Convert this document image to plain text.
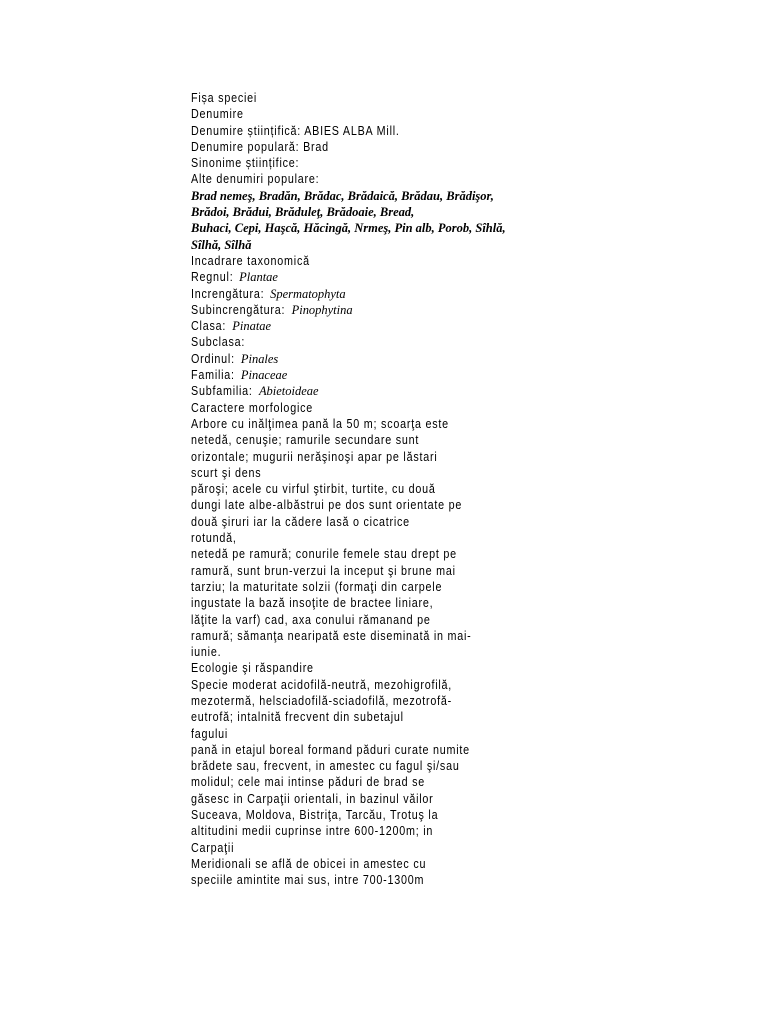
Fișa speciei
Denumire
Denumire științifică: ABIES ALBA Mill.
Denumire populară: Brad
Sinonime științifice:
Alte denumiri populare:
Brad nemeş, Bradăn, Brădac, Brădaică, Brădau, Brădişor,
Brădoi, Brădui, Brăduleţ, Brădoaie, Bread,
Buhaci, Cepi, Haşcă, Hăcingă, Nrmeş, Pin alb, Porob, Sîhlă,
Sîlhă, Sîlhă
Incadrare taxonomică
Regnul: Plantae
Increngătura: Spermatophyta
Subincrengătura: Pinophytina
Clasa: Pinatae
Subclasa:
Ordinul: Pinales
Familia: Pinaceae
Subfamilia: Abietoideae
Caractere morfologice
Arbore cu inălţimea pană la 50 m; scoarţa este
netedă, cenuşie; ramurile secundare sunt
orizontale; mugurii nerăşinoşi apar pe lăstari
scurt şi dens
păroşi; acele cu virful ştirbit, turtite, cu două
dungi late albe-albăstrui pe dos sunt orientate pe
două şiruri iar la cădere lasă o cicatrice
rotundă,
netedă pe ramură; conurile femele stau drept pe
ramură, sunt brun-verzui la inceput şi brune mai
tarziu; la maturitate solzii (formaţi din carpele
ingustate la bază insoţite de bractee liniare,
lăţite la varf) cad, axa conului rămanand pe
ramură; sămanţa nearipată este diseminată in mai-
iunie.
Ecologie şi răspandire
Specie moderat acidofilă-neutră, mezohigrofilă,
mezotermă, helsciadofilă-sciadofilă, mezotrofă-
eutrofă; intalnită frecvent din subetajul
fagului
pană in etajul boreal formand păduri curate numite
brădete sau, frecvent, in amestec cu fagul şi/sau
molidul; cele mai intinse păduri de brad se
găsesc in Carpaţii orientali, in bazinul văilor
Suceava, Moldova, Bistriţa, Tarcău, Trotuş la
altitudini medii cuprinse intre 600-1200m; in
Carpaţii
Meridionali se află de obicei in amestec cu
speciile amintite mai sus, intre 700-1300m
